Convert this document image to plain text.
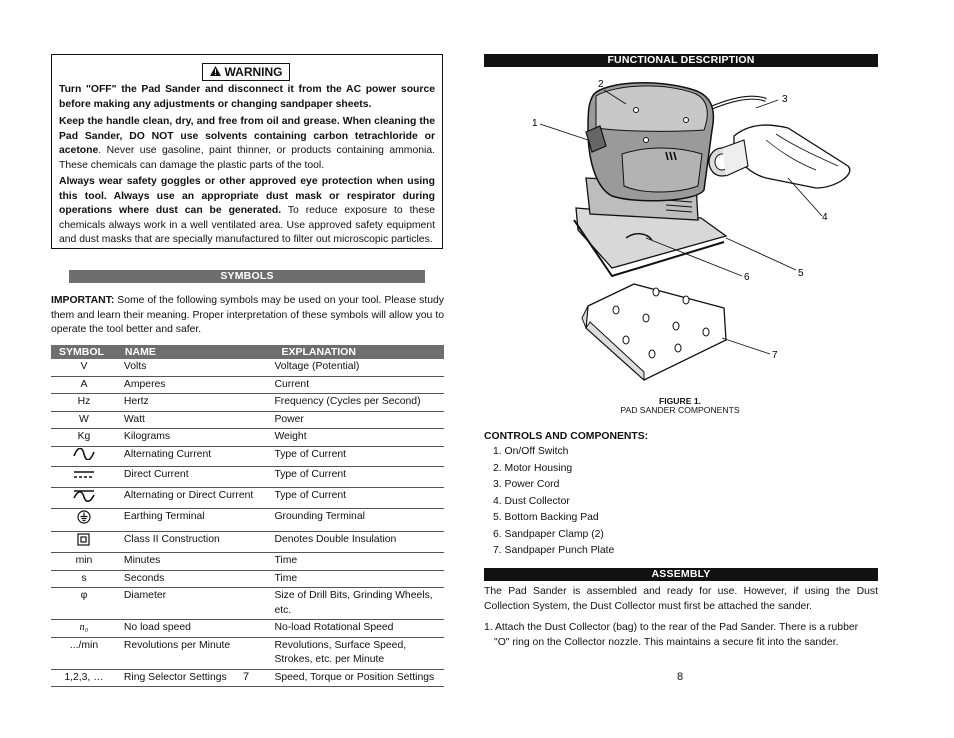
WARNING
Turn "OFF" the Pad Sander and disconnect it from the AC power source before making any adjustments or changing sandpaper sheets.
Keep the handle clean, dry, and free from oil and grease. When cleaning the Pad Sander, DO NOT use solvents containing carbon tetrachloride or acetone. Never use gasoline, paint thinner, or products containing ammonia. These chemicals can damage the plastic parts of the tool.
Always wear safety goggles or other approved eye protection when using this tool. Always use an appropriate dust mask or respirator during operations where dust can be generated. To reduce exposure to these chemicals always work in a well ventilated area. Use approved safety equipment and dust masks that are specially manufactured to filter out microscopic particles.
SYMBOLS
IMPORTANT: Some of the following symbols may be used on your tool. Please study them and learn their meaning. Proper interpretation of these symbols will allow you to operate the tool better and safer.
SYMBOL	NAME	EXPLANATION
V	Volts	Voltage (Potential)
A	Amperes	Current
Hz	Hertz	Frequency (Cycles per Second)
W	Watt	Power
Kg	Kilograms	Weight
	Alternating Current	Type of Current
	Direct Current	Type of Current
	Alternating or Direct Current	Type of Current
	Earthing Terminal	Grounding Terminal
	Class II Construction	Denotes Double Insulation
min	Minutes	Time
s	Seconds	Time
φ	Diameter	Size of Drill Bits, Grinding Wheels, etc.
n₀	No load speed	No-load Rotational Speed
.../min	Revolutions per Minute	Revolutions, Surface Speed, Strokes, etc. per Minute
1,2,3, …	Ring Selector Settings	Speed, Torque or Position Settings
7
FUNCTIONAL DESCRIPTION
1
2
3
4
5
6
7
FIGURE 1.
PAD SANDER COMPONENTS
CONTROLS AND COMPONENTS:
1. On/Off Switch
2. Motor Housing
3. Power Cord
4. Dust Collector
5. Bottom Backing Pad
6. Sandpaper Clamp (2)
7. Sandpaper Punch Plate
ASSEMBLY
The Pad Sander is assembled and ready for use. However, if using the Dust Collection System, the Dust Collector must first be attached the sander.
1. Attach the Dust Collector (bag) to the rear of the Pad Sander. There is a rubber
"O" ring on the Collector nozzle. This maintains a secure fit into the sander.
8
